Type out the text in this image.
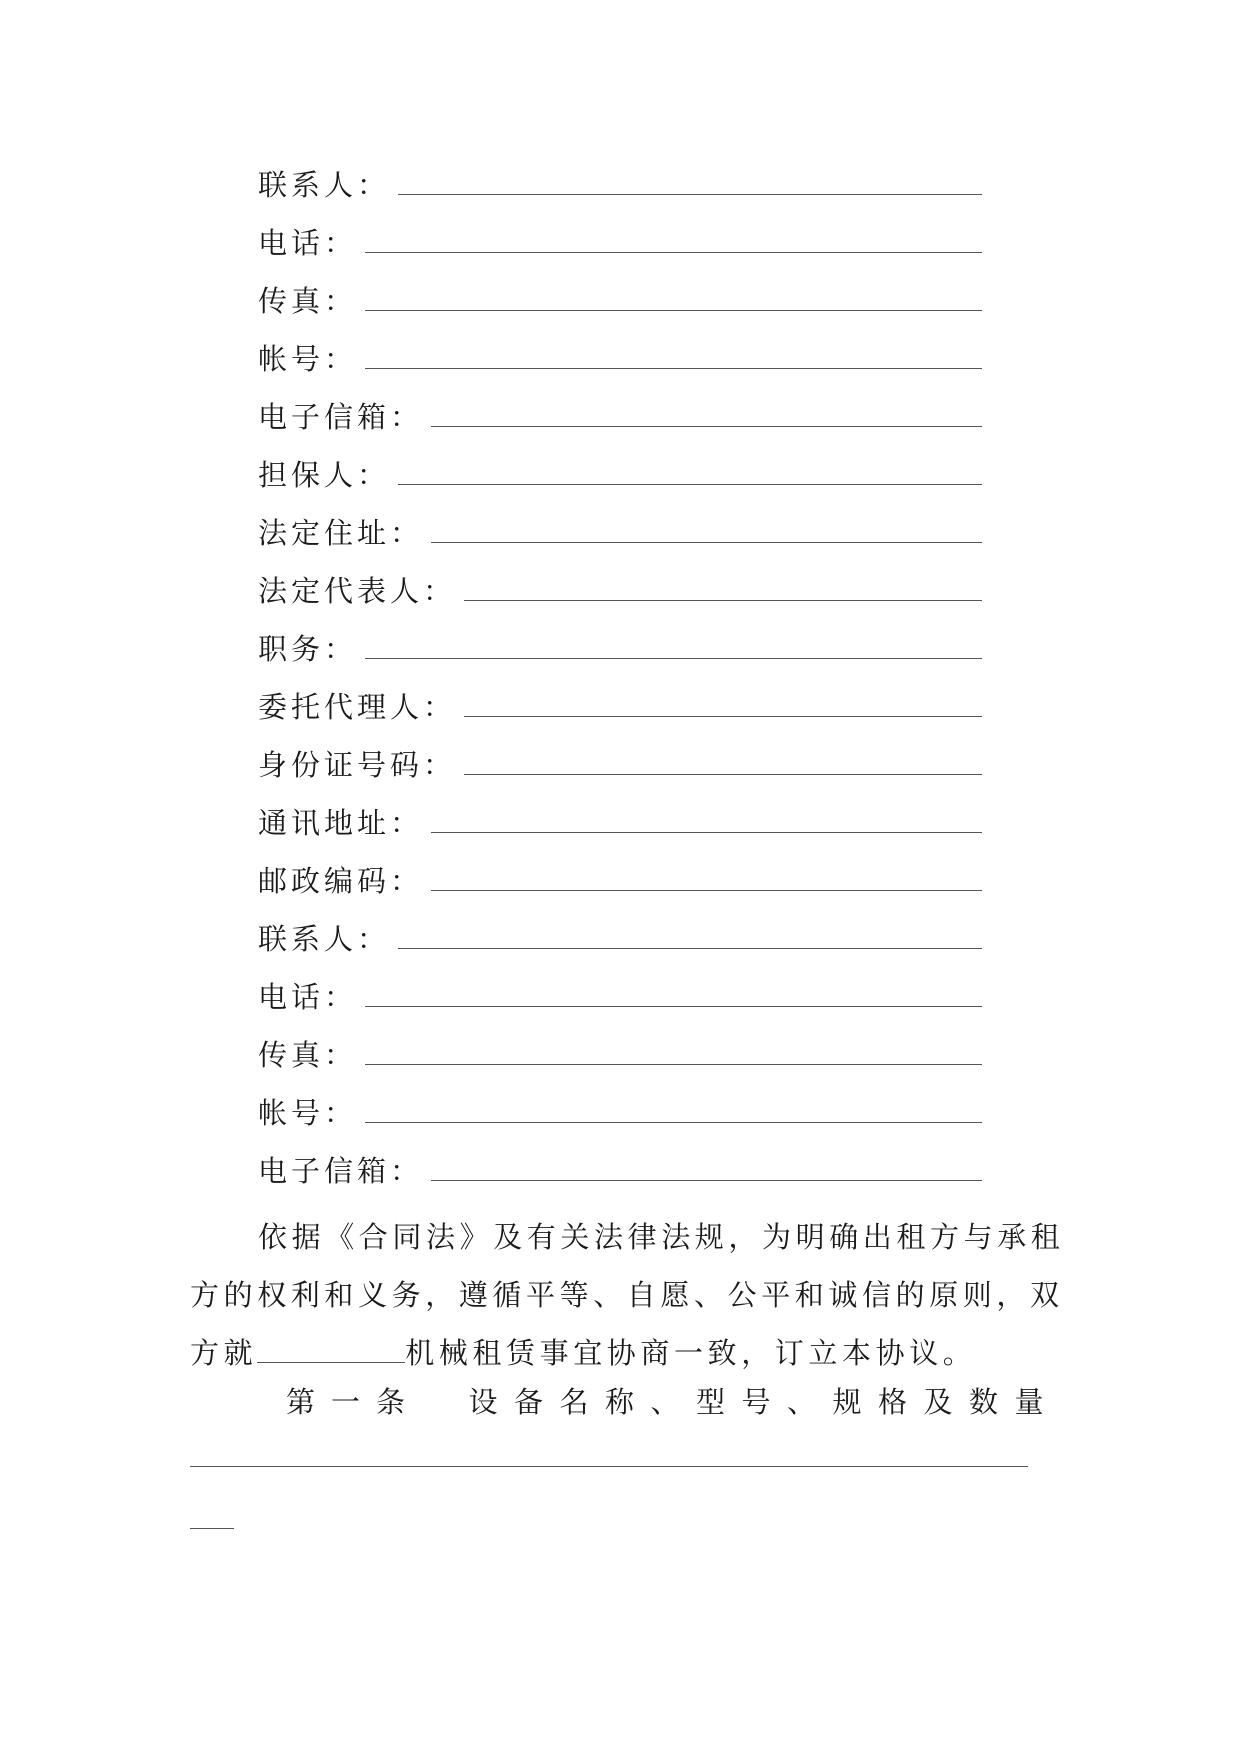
联系人：
电话：
传真：
帐号：
电子信箱：
担保人：
法定住址：
法定代表人：
职务：
委托代理人：
身份证号码：
通讯地址：
邮政编码：
联系人：
电话：
传真：
帐号：
电子信箱：
依据《合同法》及有关法律法规，为明确出租方与承租
方的权利和义务，遵循平等、自愿、公平和诚信的原则，双
方就	机械租赁事宜协商一致，订立本协议。
第一条 设备名称、型号、规格及数量
